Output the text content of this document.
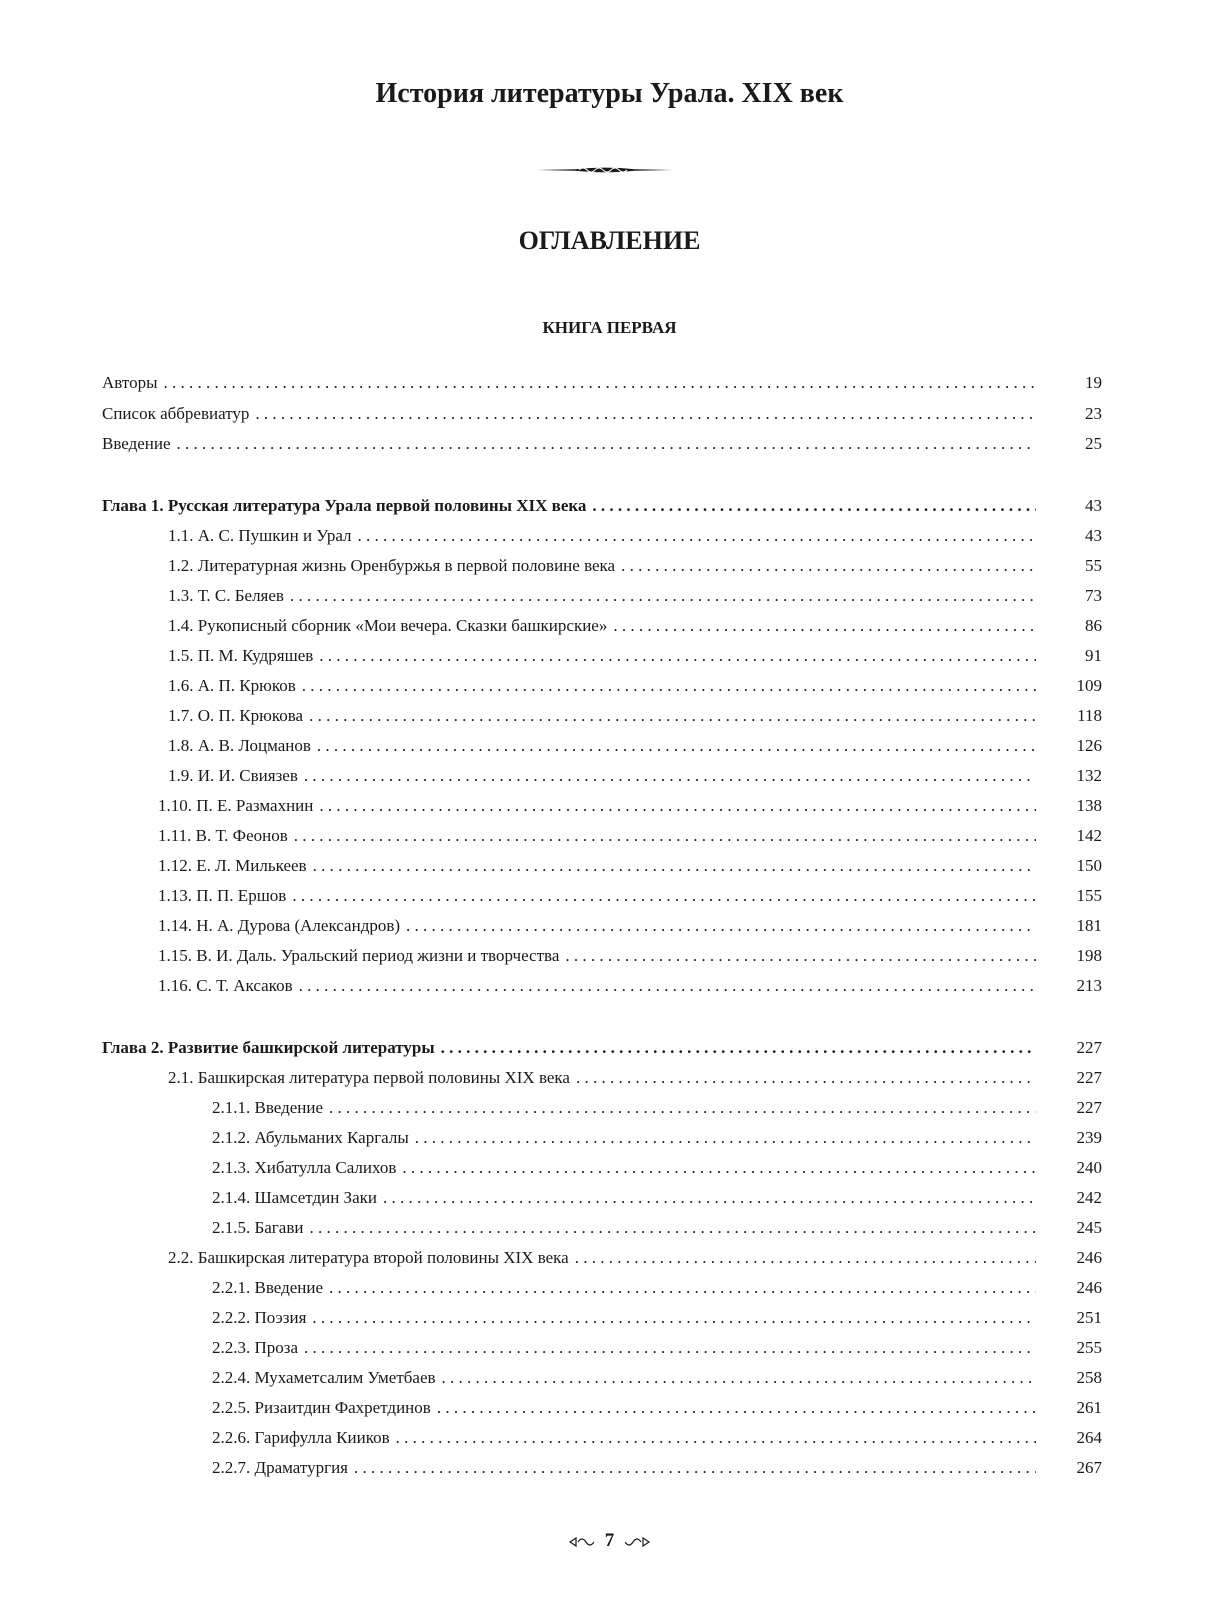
История литературы Урала. XIX век
ОГЛАВЛЕНИЕ
КНИГА ПЕРВАЯ
Авторы . . .	19
Список аббревиатур . . .	23
Введение . . .	25
Глава 1. Русская литература Урала первой половины XIX века . . .	43
1.1. А. С. Пушкин и Урал . . .	43
1.2. Литературная жизнь Оренбуржья в первой половине века . . .	55
1.3. Т. С. Беляев . . .	73
1.4. Рукописный сборник «Мои вечера. Сказки башкирские» . . .	86
1.5. П. М. Кудряшев . . .	91
1.6. А. П. Крюков . . .	109
1.7. О. П. Крюкова . . .	118
1.8. А. В. Лоцманов . . .	126
1.9. И. И. Свиязев . . .	132
1.10. П. Е. Размахнин . . .	138
1.11. В. Т. Феонов . . .	142
1.12. Е. Л. Милькеев . . .	150
1.13. П. П. Ершов . . .	155
1.14. Н. А. Дурова (Александров) . . .	181
1.15. В. И. Даль. Уральский период жизни и творчества . . .	198
1.16. С. Т. Аксаков . . .	213
Глава 2. Развитие башкирской литературы . . .	227
2.1. Башкирская литература первой половины XIX века . . .	227
2.1.1. Введение . . .	227
2.1.2. Абульманих Каргалы . . .	239
2.1.3. Хибатулла Салихов . . .	240
2.1.4. Шамсетдин Заки . . .	242
2.1.5. Багави . . .	245
2.2. Башкирская литература второй половины XIX века . . .	246
2.2.1. Введение . . .	246
2.2.2. Поэзия . . .	251
2.2.3. Проза . . .	255
2.2.4. Мухаметсалим Уметбаев . . .	258
2.2.5. Ризаитдин Фахретдинов . . .	261
2.2.6. Гарифулла Кииков . . .	264
2.2.7. Драматургия . . .	267
7
